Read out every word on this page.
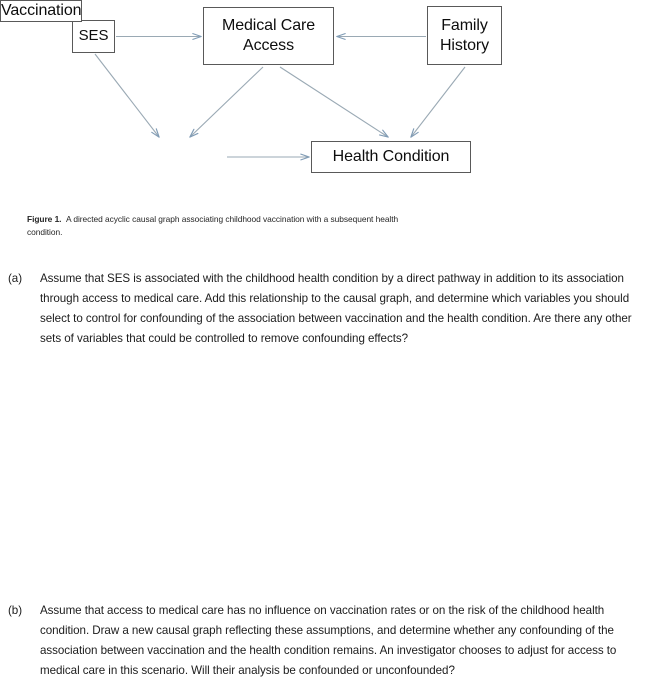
SES
Medical Care Access
Family History
Vaccination
Health Condition
Figure 1.  A directed acyclic causal graph associating childhood vaccination with a subsequent health condition.
(a)	Assume that SES is associated with the childhood health condition by a direct pathway in addition to its association through access to medical care. Add this relationship to the causal graph, and determine which variables you should select to control for confounding of the association between vaccination and the health condition. Are there any other sets of variables that could be controlled to remove confounding effects?
(b)	Assume that access to medical care has no influence on vaccination rates or on the risk of the childhood health condition. Draw a new causal graph reflecting these assumptions, and determine whether any confounding of the association between vaccination and the health condition remains. An investigator chooses to adjust for access to medical care in this scenario. Will their analysis be confounded or unconfounded?
